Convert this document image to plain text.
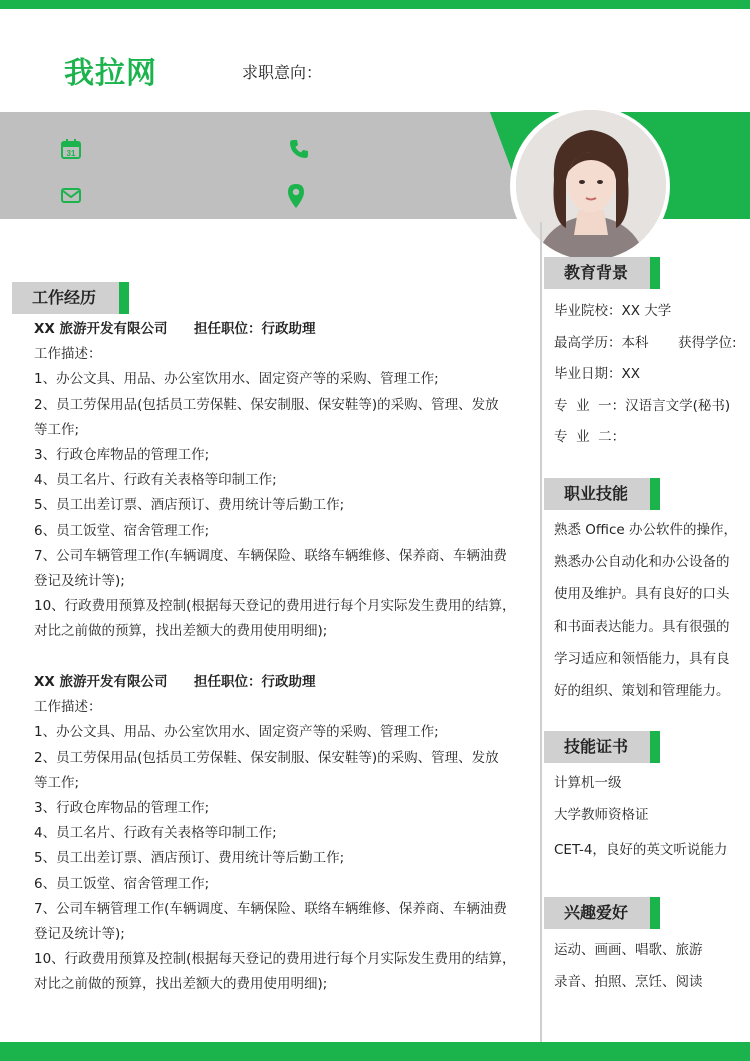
我拉网	求职意向：
31
工作经历
XX 旅游开发有限公司 担任职位：行政助理
工作描述：
1、办公文具、用品、办公室饮用水、固定资产等的采购、管理工作;
2、员工劳保用品(包括员工劳保鞋、保安制服、保安鞋等)的采购、管理、发放
等工作;
3、行政仓库物品的管理工作;
4、员工名片、行政有关表格等印制工作;
5、员工出差订票、酒店预订、费用统计等后勤工作;
6、员工饭堂、宿舍管理工作;
7、公司车辆管理工作(车辆调度、车辆保险、联络车辆维修、保养商、车辆油费
登记及统计等);
10、行政费用预算及控制(根据每天登记的费用进行每个月实际发生费用的结算，
对比之前做的预算，找出差额大的费用使用明细);
XX 旅游开发有限公司 担任职位：行政助理
工作描述：
1、办公文具、用品、办公室饮用水、固定资产等的采购、管理工作;
2、员工劳保用品(包括员工劳保鞋、保安制服、保安鞋等)的采购、管理、发放
等工作;
3、行政仓库物品的管理工作;
4、员工名片、行政有关表格等印制工作;
5、员工出差订票、酒店预订、费用统计等后勤工作;
6、员工饭堂、宿舍管理工作;
7、公司车辆管理工作(车辆调度、车辆保险、联络车辆维修、保养商、车辆油费
登记及统计等);
10、行政费用预算及控制(根据每天登记的费用进行每个月实际发生费用的结算，
对比之前做的预算，找出差额大的费用使用明细);
教育背景
毕业院校：XX 大学
最高学历：本科 获得学位:
毕业日期：XX
专  业  一：汉语言文学(秘书)
专  业  二：
职业技能
熟悉 Office 办公软件的操作，
熟悉办公自动化和办公设备的
使用及维护。具有良好的口头
和书面表达能力。具有很强的
学习适应和领悟能力，具有良
好的组织、策划和管理能力。
技能证书
计算机一级
大学教师资格证
CET-4，良好的英文听说能力
兴趣爱好
运动、画画、唱歌、旅游
录音、拍照、烹饪、阅读
